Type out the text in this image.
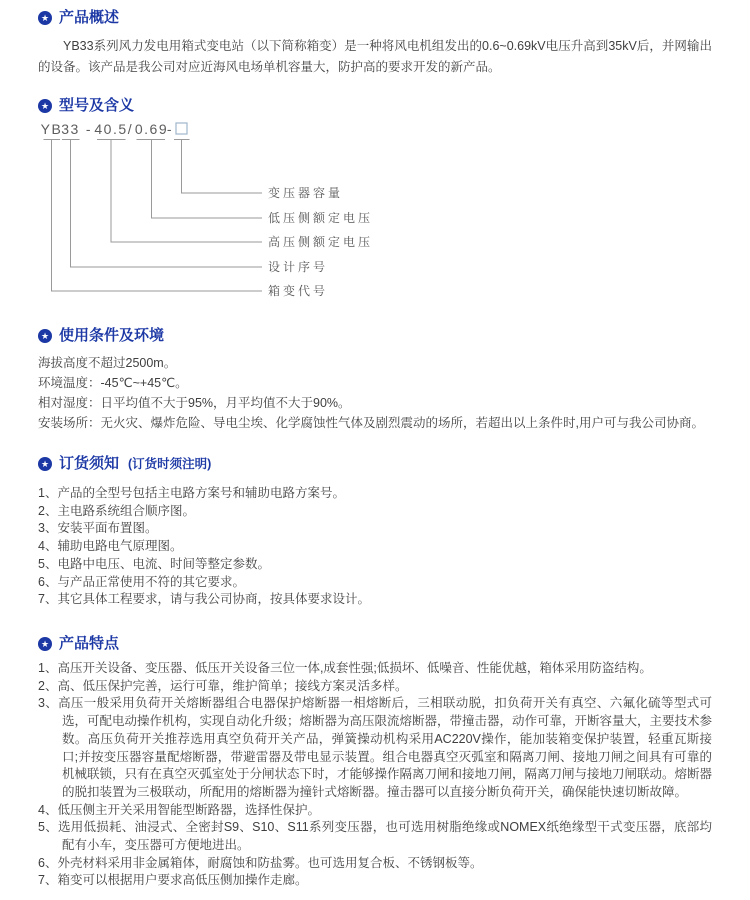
★ 产品概述
YB33系列风力发电用箱式变电站（以下简称箱变）是一种将风电机组发出的0.6~0.69kV电压升高到35kV后，并网输出的设备。该产品是我公司对应近海风电场单机容量大，防护高的要求开发的新产品。
★ 型号及含义
YB
33 - 40.5 / 0.69
-
变压器容量
低压侧额定电压
高压侧额定电压
设计序号
箱变代号
★ 使用条件及环境
海拔高度不超过2500m。
环境温度：-45℃~+45℃。
相对湿度：日平均值不大于95%，月平均值不大于90%。
安装场所：无火灾、爆炸危险、导电尘埃、化学腐蚀性气体及剧烈震动的场所，若超出以上条件时,用户可与我公司协商。
★ 订货须知 (订货时须注明)
1、产品的全型号包括主电路方案号和辅助电路方案号。
2、主电路系统组合顺序图。
3、安装平面布置图。
4、辅助电路电气原理图。
5、电路中电压、电流、时间等整定参数。
6、与产品正常使用不符的其它要求。
7、其它具体工程要求，请与我公司协商，按具体要求设计。
★ 产品特点
1、高压开关设备、变压器、低压开关设备三位一体,成套性强;低损坏、低噪音、性能优越，箱体采用防盗结构。
2、高、低压保护完善，运行可靠，维护简单；接线方案灵活多样。
3、高压一般采用负荷开关熔断器组合电器保护熔断器一相熔断后，三相联动脱，扣负荷开关有真空、六氟化硫等型式可选，可配电动操作机构，实现自动化升级；熔断器为高压限流熔断器，带撞击器，动作可靠，开断容量大，主要技术参数。高压负荷开关推荐选用真空负荷开关产品，弹簧操动机构采用AC220V操作，能加装箱变保护装置，轻重瓦斯接口;并按变压器容量配熔断器，带避雷器及带电显示装置。组合电器真空灭弧室和隔离刀闸、接地刀闸之间具有可靠的机械联锁，只有在真空灭弧室处于分闸状态下时，才能够操作隔离刀闸和接地刀闸，隔离刀闸与接地刀闸联动。熔断器的脱扣装置为三极联动，所配用的熔断器为撞针式熔断器。撞击器可以直接分断负荷开关，确保能快速切断故障。
4、低压侧主开关采用智能型断路器，选择性保护。
5、选用低损耗、油浸式、全密封S9、S10、S11系列变压器，也可选用树脂绝缘或NOMEX纸绝缘型干式变压器，底部均配有小车，变压器可方便地进出。
6、外壳材料采用非金属箱体，耐腐蚀和防盐雾。也可选用复合板、不锈钢板等。
7、箱变可以根据用户要求高低压侧加操作走廊。
